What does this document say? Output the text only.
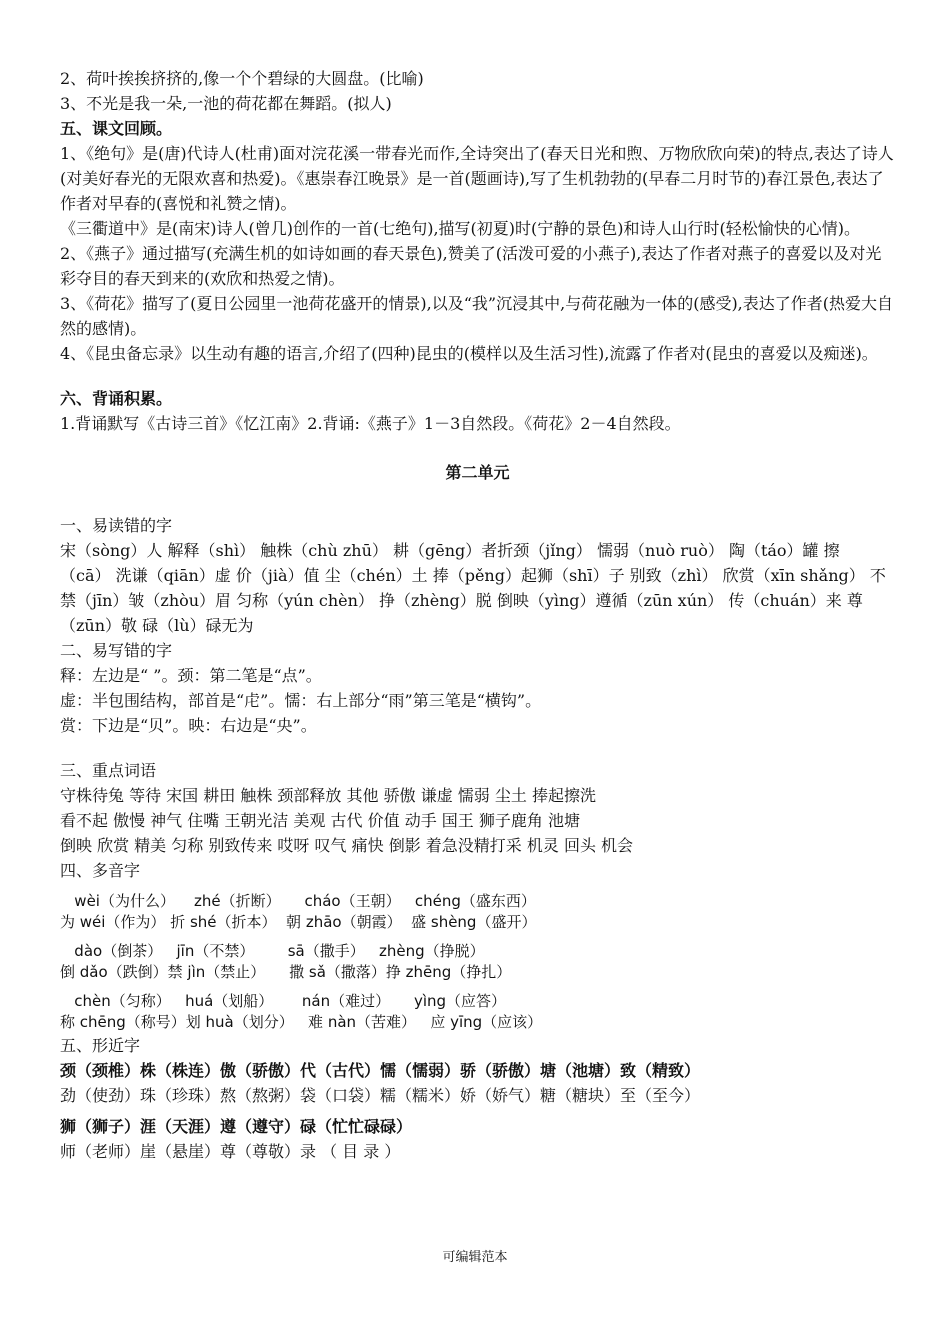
2、荷叶挨挨挤挤的,像一个个碧绿的大圆盘。(比喻)
3、不光是我一朵,一池的荷花都在舞蹈。(拟人)
五、课文回顾。
1、《绝句》是(唐)代诗人(杜甫)面对浣花溪一带春光而作,全诗突出了(春天日光和煦、万物欣欣向荣)的特点,表达了诗人(对美好春光的无限欢喜和热爱)。《惠崇春江晚景》是一首(题画诗),写了生机勃勃的(早春二月时节的)春江景色,表达了作者对早春的(喜悦和礼赞之情)。
《三衢道中》是(南宋)诗人(曾几)创作的一首(七绝句),描写(初夏)时(宁静的景色)和诗人山行时(轻松愉快的心情)。
2、《燕子》通过描写(充满生机的如诗如画的春天景色),赞美了(活泼可爱的小燕子),表达了作者对燕子的喜爱以及对光彩夺目的春天到来的(欢欣和热爱之情)。
3、《荷花》描写了(夏日公园里一池荷花盛开的情景),以及“我”沉浸其中,与荷花融为一体的(感受),表达了作者(热爱大自然的感情)。
4、《昆虫备忘录》以生动有趣的语言,介绍了(四种)昆虫的(模样以及生活习性),流露了作者对(昆虫的喜爱以及痴迷)。
六、背诵积累。
1.背诵默写《古诗三首》《忆江南》2.背诵:《燕子》1－3自然段。《荷花》2－4自然段。
第二单元
一、易读错的字
宋（sòng）人 解释（shì） 触株（chù zhū） 耕（gēng）者折颈（jǐng） 懦弱（nuò ruò） 陶（táo）罐 擦 （cā） 洗谦（qiān）虚 价（jià）值 尘（chén）土 捧（pěng）起狮（shī）子 别致（zhì） 欣赏（xīn shǎng） 不禁（jīn）皱（zhòu）眉 匀称（yún chèn） 挣（zhèng）脱 倒映（yìng）遵循（zūn xún） 传（chuán）来 尊（zūn）敬 碌（lù）碌无为
二、易写错的字
释：左边是“ ”。颈：第二笔是“点”。
虚：半包围结构，部首是“虍”。懦：右上部分“雨”第三笔是“横钩”。
赏：下边是“贝”。映：右边是“央”。
三、重点词语
守株待兔 等待 宋国 耕田 触株 颈部释放 其他 骄傲 谦虚 懦弱 尘土 捧起擦洗
看不起 傲慢 神气 住嘴 王朝光洁 美观 古代 价值 动手 国王 狮子鹿角 池塘
倒映 欣赏 精美 匀称 别致传来 哎呀 叹气 痛快 倒影 着急没精打采 机灵 回头 机会
四、多音字
wèi（为什么）    zhé（折断）     cháo（王朝）   chéng（盛东西）
为 wéi（作为） 折 shé（折本）  朝 zhāo（朝霞）  盛 shèng（盛开）
dào（倒茶）   jīn（不禁）       sā（撒手）   zhèng（挣脱）
倒 dǎo（跌倒）禁 jìn（禁止）     撒 sǎ（撒落）挣 zhēng（挣扎）
chèn（匀称）   huá（划船）      nán（难过）     yìng（应答）
称 chēng（称号）划 huà（划分）   难 nàn（苦难）   应 yīng（应该）
五、形近字
颈（颈椎）株（株连）傲（骄傲）代（古代）懦（懦弱）骄（骄傲）塘（池塘）致（精致）
劲（使劲）珠（珍珠）熬（熬粥）袋（口袋）糯（糯米）娇（娇气）糖（糖块）至（至今）
狮（狮子）涯（天涯）遵（遵守）碌（忙忙碌碌）
师（老师）崖（悬崖）尊（尊敬）录 （ 目 录 ）
可编辑范本
